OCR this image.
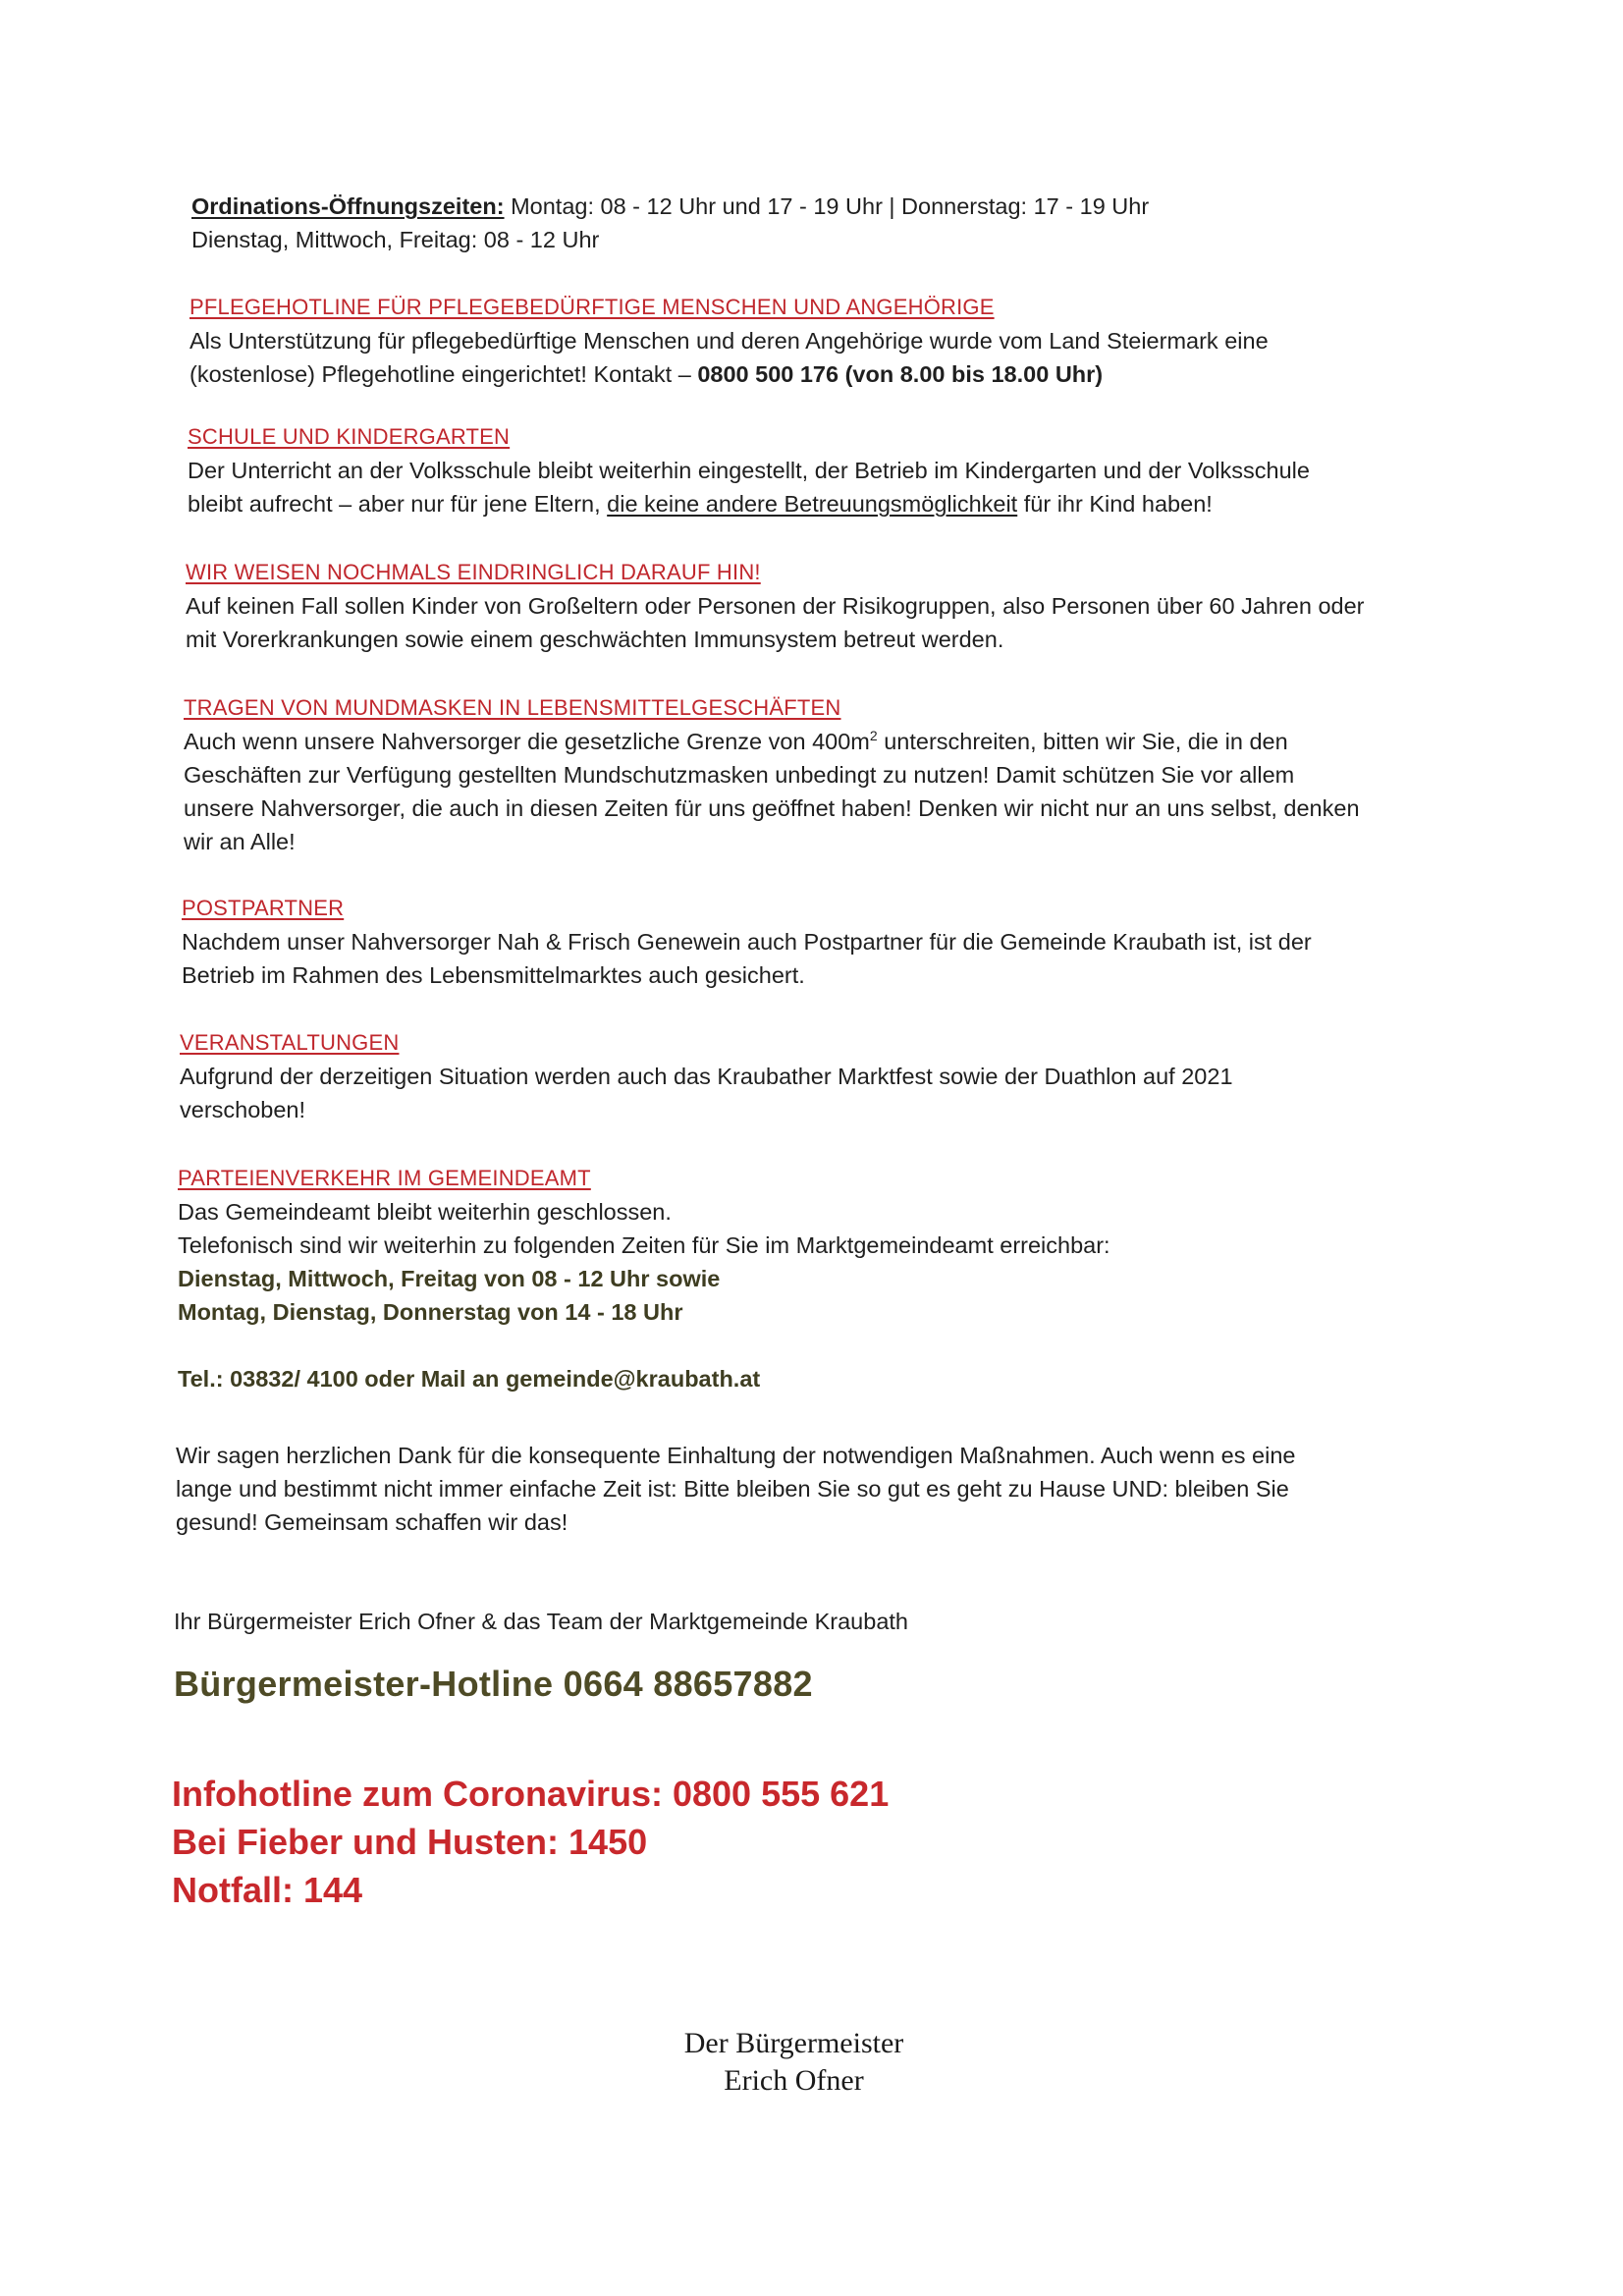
Ordinations-Öffnungszeiten: Montag: 08 - 12 Uhr und 17 - 19 Uhr | Donnerstag: 17 - 19 Uhr

Dienstag, Mittwoch, Freitag: 08 - 12 Uhr

PFLEGEHOTLINE FÜR PFLEGEBEDÜRFTIGE MENSCHEN UND ANGEHÖRIGE

Als Unterstützung für pflegebedürftige Menschen und deren Angehörige wurde vom Land Steiermark eine

(kostenlose) Pflegehotline eingerichtet! Kontakt – 0800 500 176 (von 8.00 bis 18.00 Uhr)

SCHULE UND KINDERGARTEN

Der Unterricht an der Volksschule bleibt weiterhin eingestellt, der Betrieb im Kindergarten und der Volksschule

bleibt aufrecht – aber nur für jene Eltern, die keine andere Betreuungsmöglichkeit für ihr Kind haben!

WIR WEISEN NOCHMALS EINDRINGLICH DARAUF HIN!

Auf keinen Fall sollen Kinder von Großeltern oder Personen der Risikogruppen, also Personen über 60 Jahren oder

mit Vorerkrankungen sowie einem geschwächten Immunsystem betreut werden.

TRAGEN VON MUNDMASKEN IN LEBENSMITTELGESCHÄFTEN

Auch wenn unsere Nahversorger die gesetzliche Grenze von $400m^2$ unterschreiten, bitten wir Sie, die in den

Geschäften zur Verfügung gestellten Mundschutzmasken unbedingt zu nutzen! Damit schützen Sie vor allem

unsere Nahversorger, die auch in diesen Zeiten für uns geöffnet haben! Denken wir nicht nur an uns selbst, denken

wir an Alle!

POSTPARTNER

Nachdem unser Nahversorger Nah & Frisch Genewein auch Postpartner für die Gemeinde Kraubath ist, ist der

Betrieb im Rahmen des Lebensmittelmarktes auch gesichert.

VERANSTALTUNGEN

Aufgrund der derzeitigen Situation werden auch das Kraubather Marktfest sowie der Duathlon auf 2021

verschoben!

PARTEIENVERKEHR IM GEMEINDEAMT

Das Gemeindeamt bleibt weiterhin geschlossen.

Telefonisch sind wir weiterhin zu folgenden Zeiten für Sie im Marktgemeindeamt erreichbar:

Dienstag, Mittwoch, Freitag von 08 - 12 Uhr sowie

Montag, Dienstag, Donnerstag von 14 - 18 Uhr

Tel.: 03832/ 4100 oder Mail an gemeinde@kraubath.at

Wir sagen herzlichen Dank für die konsequente Einhaltung der notwendigen Maßnahmen. Auch wenn es eine

lange und bestimmt nicht immer einfache Zeit ist: Bitte bleiben Sie so gut es geht zu Hause UND: bleiben Sie

gesund! Gemeinsam schaffen wir das!

Ihr Bürgermeister Erich Ofner & das Team der Marktgemeinde Kraubath

Bürgermeister-Hotline 0664 88657882

Infohotline zum Coronavirus: 0800 555 621

Bei Fieber und Husten: 1450

Notfall: 144

Der Bürgermeister
Erich Ofner
